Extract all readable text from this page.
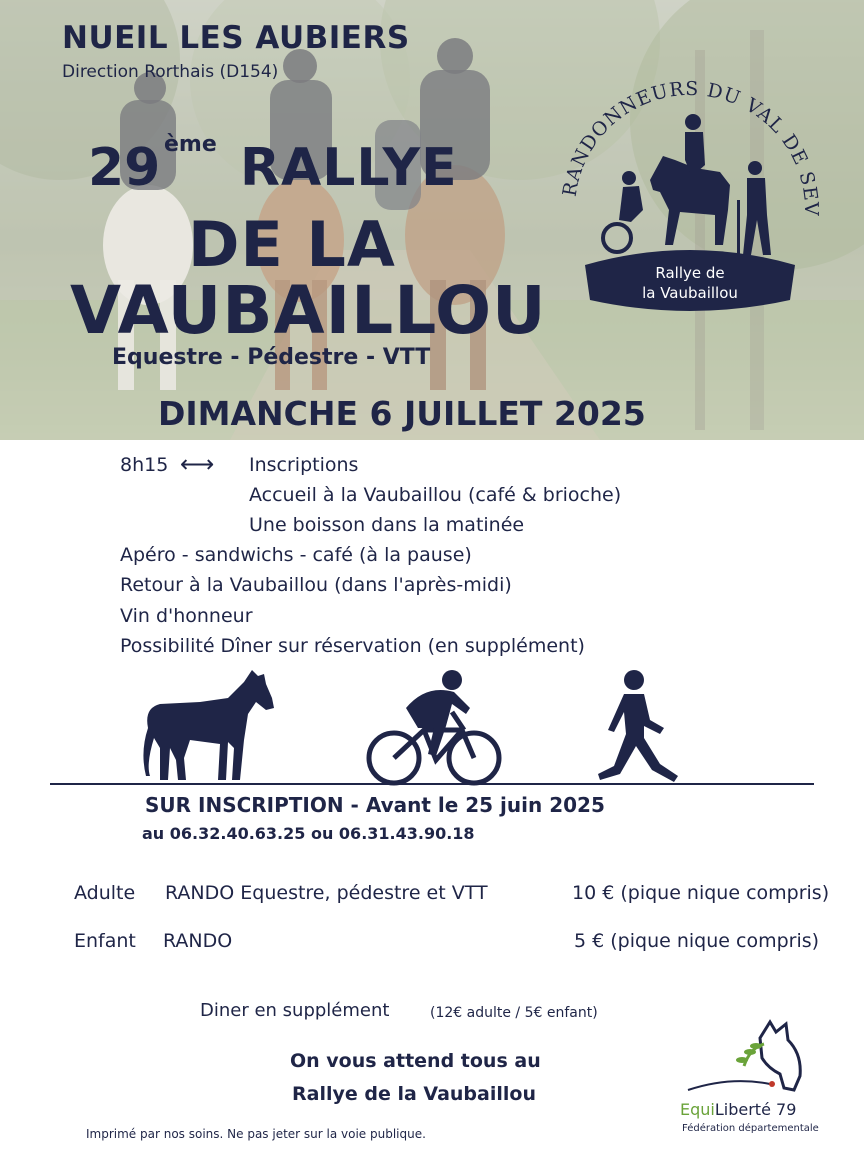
NUEIL LES AUBIERS
Direction Rorthais (D154)
29 ème RALLYE
DE LA
VAUBAILLOU
Equestre - Pédestre - VTT
DIMANCHE 6 JUILLET 2025
RANDONNEURS DU VAL DE SEV
Rallye de
la Vaubaillou
8h15 ⟷ Inscriptions
Accueil à la Vaubaillou (café & brioche)
Une boisson dans la matinée
Apéro - sandwichs - café (à la pause)
Retour à la Vaubaillou (dans l'après-midi)
Vin d'honneur
Possibilité Dîner sur réservation (en supplément)
SUR INSCRIPTION - Avant le 25 juin 2025
au 06.32.40.63.25 ou 06.31.43.90.18
Adulte RANDO Equestre, pédestre et VTT	10 € (pique nique compris)
Enfant RANDO	5 € (pique nique compris)
Diner en supplément	(12€ adulte / 5€ enfant)
On vous attend tous au
Rallye de la Vaubaillou
EquiLiberté 79
Fédération départementale
Imprimé par nos soins. Ne pas jeter sur la voie publique.
